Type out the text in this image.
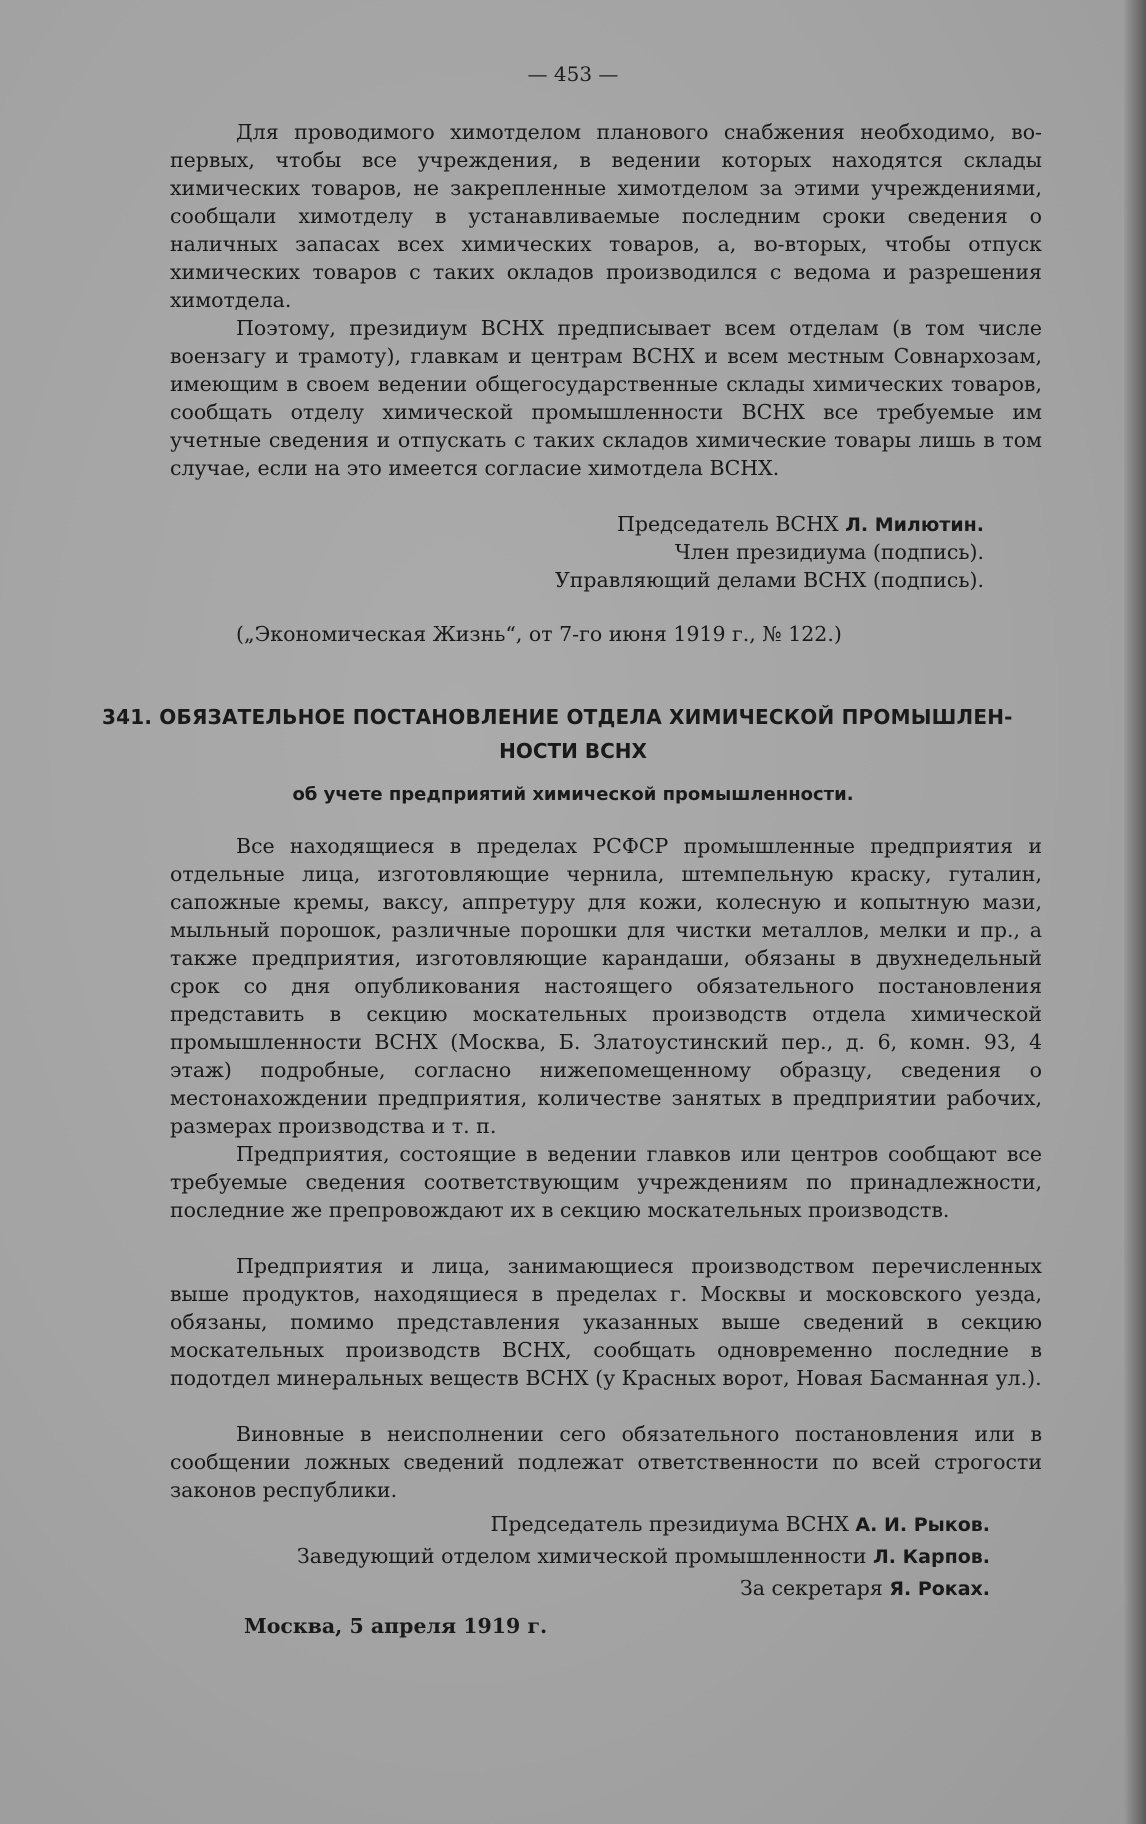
— 453 —

Для проводимого химотделом планового снабжения необходимо, во-первых, чтобы все учреждения, в ведении которых находятся склады химических товаров, не закрепленные химотделом за этими учреждениями, сообщали химотделу в устанавливаемые последним сроки сведения о наличных запасах всех химических товаров, а, во-вторых, чтобы отпуск химических товаров с таких окладов производился с ведома и разрешения химотдела.

Поэтому, президиум ВСНХ предписывает всем отделам (в том числе воензагу и трамоту), главкам и центрам ВСНХ и всем местным Совнархозам, имеющим в своем ведении общегосударственные склады химических товаров, сообщать отделу химической промышленности ВСНХ все требуемые им учетные сведения и отпускать с таких складов химические товары лишь в том случае, если на это имеется согласие химотдела ВСНХ.

Председатель ВСНХ Л. Милютин.

Член президиума (подпись).

Управляющий делами ВСНХ (подпись).

(„Экономическая Жизнь“, от 7-го июня 1919 г., № 122.)

341. ОБЯЗАТЕЛЬНОЕ ПОСТАНОВЛЕНИЕ ОТДЕЛА ХИМИЧЕСКОЙ ПРОМЫШЛЕН-

НОСТИ ВСНХ

об учете предприятий химической промышленности.

Все находящиеся в пределах РСФСР промышленные предприятия и отдельные лица, изготовляющие чернила, штемпельную краску, гуталин, сапожные кремы, ваксу, аппретуру для кожи, колесную и копытную мази, мыльный порошок, различные порошки для чистки металлов, мелки и пр., а также предприятия, изготовляющие карандаши, обязаны в двухнедельный срок со дня опубликования настоящего обязательного постановления представить в секцию москательных производств отдела химической промышленности ВСНХ (Москва, Б. Златоустинский пер., д. 6, комн. 93, 4 этаж) подробные, согласно нижепомещенному образцу, сведения о местонахождении предприятия, количестве занятых в предприятии рабочих, размерах производства и т. п.

Предприятия, состоящие в ведении главков или центров сообщают все требуемые сведения соответствующим учреждениям по принадлежности, последние же препровождают их в секцию москательных производств.

Предприятия и лица, занимающиеся производством перечисленных выше продуктов, находящиеся в пределах г. Москвы и московского уезда, обязаны, помимо представления указанных выше сведений в секцию москательных производств ВСНХ, сообщать одновременно последние в подотдел минеральных веществ ВСНХ (у Красных ворот, Новая Басманная ул.).

Виновные в неисполнении сего обязательного постановления или в сообщении ложных сведений подлежат ответственности по всей строгости законов республики.

Председатель президиума ВСНХ А. И. Рыков.

Заведующий отделом химической промышленности Л. Карпов.

За секретаря Я. Роках.

Москва, 5 апреля 1919 г.
